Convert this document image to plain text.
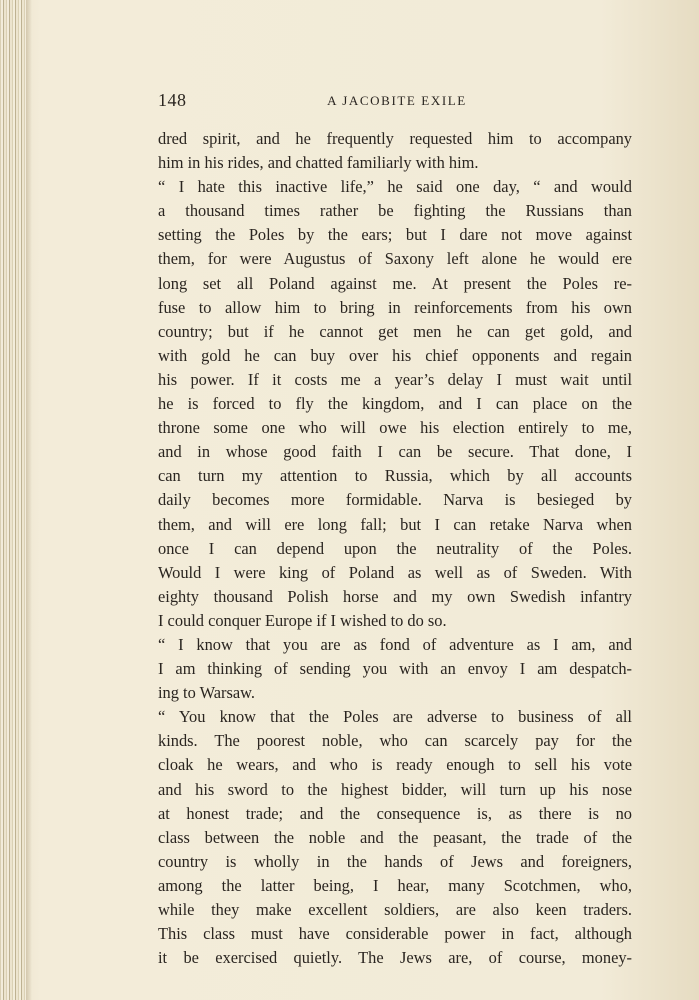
148	A JACOBITE EXILE
dred spirit, and he frequently requested him to accompany
him in his rides, and chatted familiarly with him.
“ I hate this inactive life,” he said one day, “ and would
a thousand times rather be fighting the Russians than
setting the Poles by the ears; but I dare not move against
them, for were Augustus of Saxony left alone he would ere
long set all Poland against me. At present the Poles re-
fuse to allow him to bring in reinforcements from his own
country; but if he cannot get men he can get gold, and
with gold he can buy over his chief opponents and regain
his power. If it costs me a year’s delay I must wait until
he is forced to fly the kingdom, and I can place on the
throne some one who will owe his election entirely to me,
and in whose good faith I can be secure. That done, I
can turn my attention to Russia, which by all accounts
daily becomes more formidable. Narva is besieged by
them, and will ere long fall; but I can retake Narva when
once I can depend upon the neutrality of the Poles.
Would I were king of Poland as well as of Sweden. With
eighty thousand Polish horse and my own Swedish infantry
I could conquer Europe if I wished to do so.
“ I know that you are as fond of adventure as I am, and
I am thinking of sending you with an envoy I am despatch-
ing to Warsaw.
“ You know that the Poles are adverse to business of all
kinds. The poorest noble, who can scarcely pay for the
cloak he wears, and who is ready enough to sell his vote
and his sword to the highest bidder, will turn up his nose
at honest trade; and the consequence is, as there is no
class between the noble and the peasant, the trade of the
country is wholly in the hands of Jews and foreigners,
among the latter being, I hear, many Scotchmen, who,
while they make excellent soldiers, are also keen traders.
This class must have considerable power in fact, although
it be exercised quietly. The Jews are, of course, money-
